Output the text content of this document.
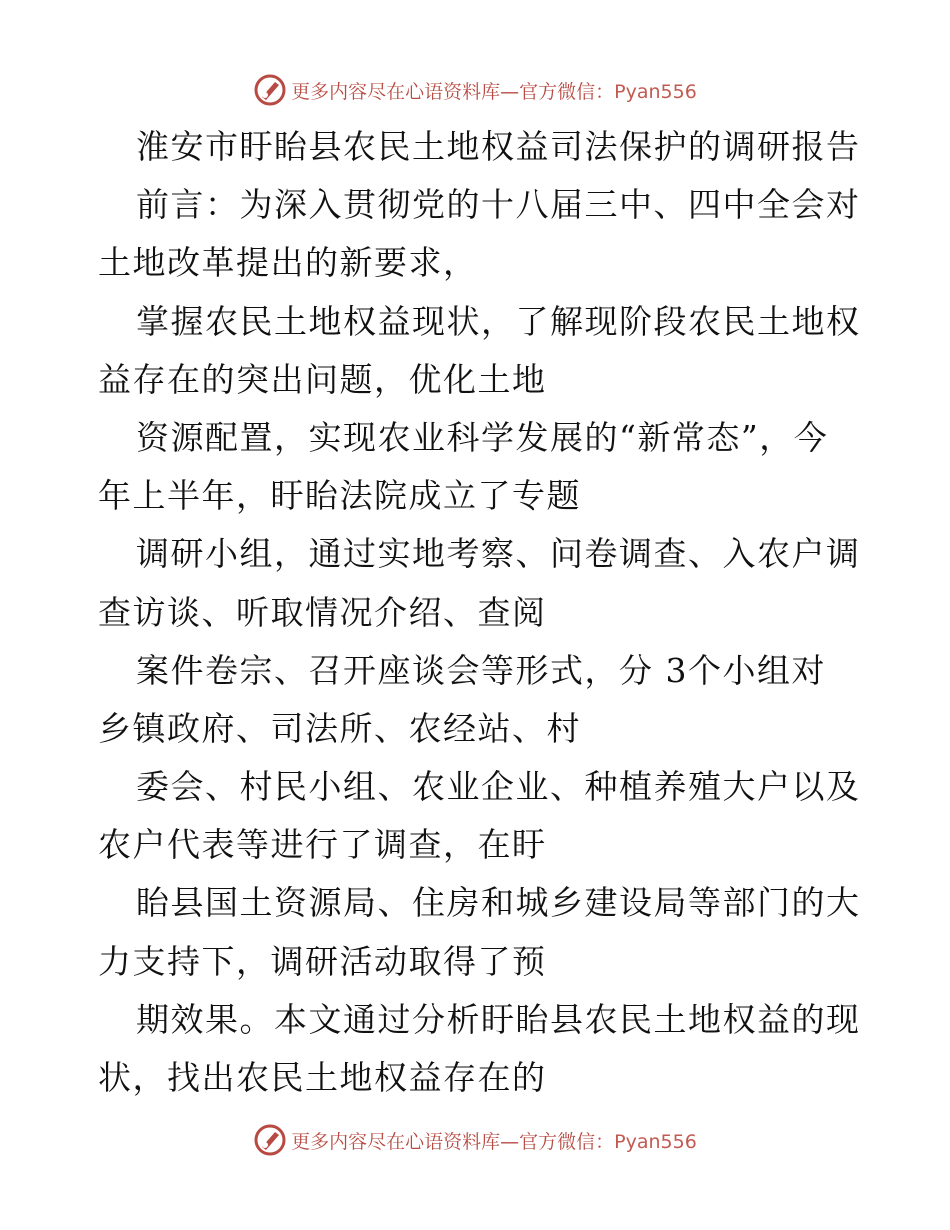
更多内容尽在心语资料库—官方微信：Pyan556
淮安市盱眙县农民土地权益司法保护的调研报告
前言：为深入贯彻党的十八届三中、四中全会对
土地改革提出的新要求，
掌握农民土地权益现状，了解现阶段农民土地权
益存在的突出问题，优化土地
资源配置，实现农业科学发展的“新常态”，今
年上半年，盱眙法院成立了专题
调研小组，通过实地考察、问卷调查、入农户调
查访谈、听取情况介绍、查阅
案件卷宗、召开座谈会等形式，分 3个小组对
乡镇政府、司法所、农经站、村
委会、村民小组、农业企业、种植养殖大户以及
农户代表等进行了调查，在盱
眙县国土资源局、住房和城乡建设局等部门的大
力支持下，调研活动取得了预
期效果。本文通过分析盱眙县农民土地权益的现
状，找出农民土地权益存在的
更多内容尽在心语资料库—官方微信：Pyan556
